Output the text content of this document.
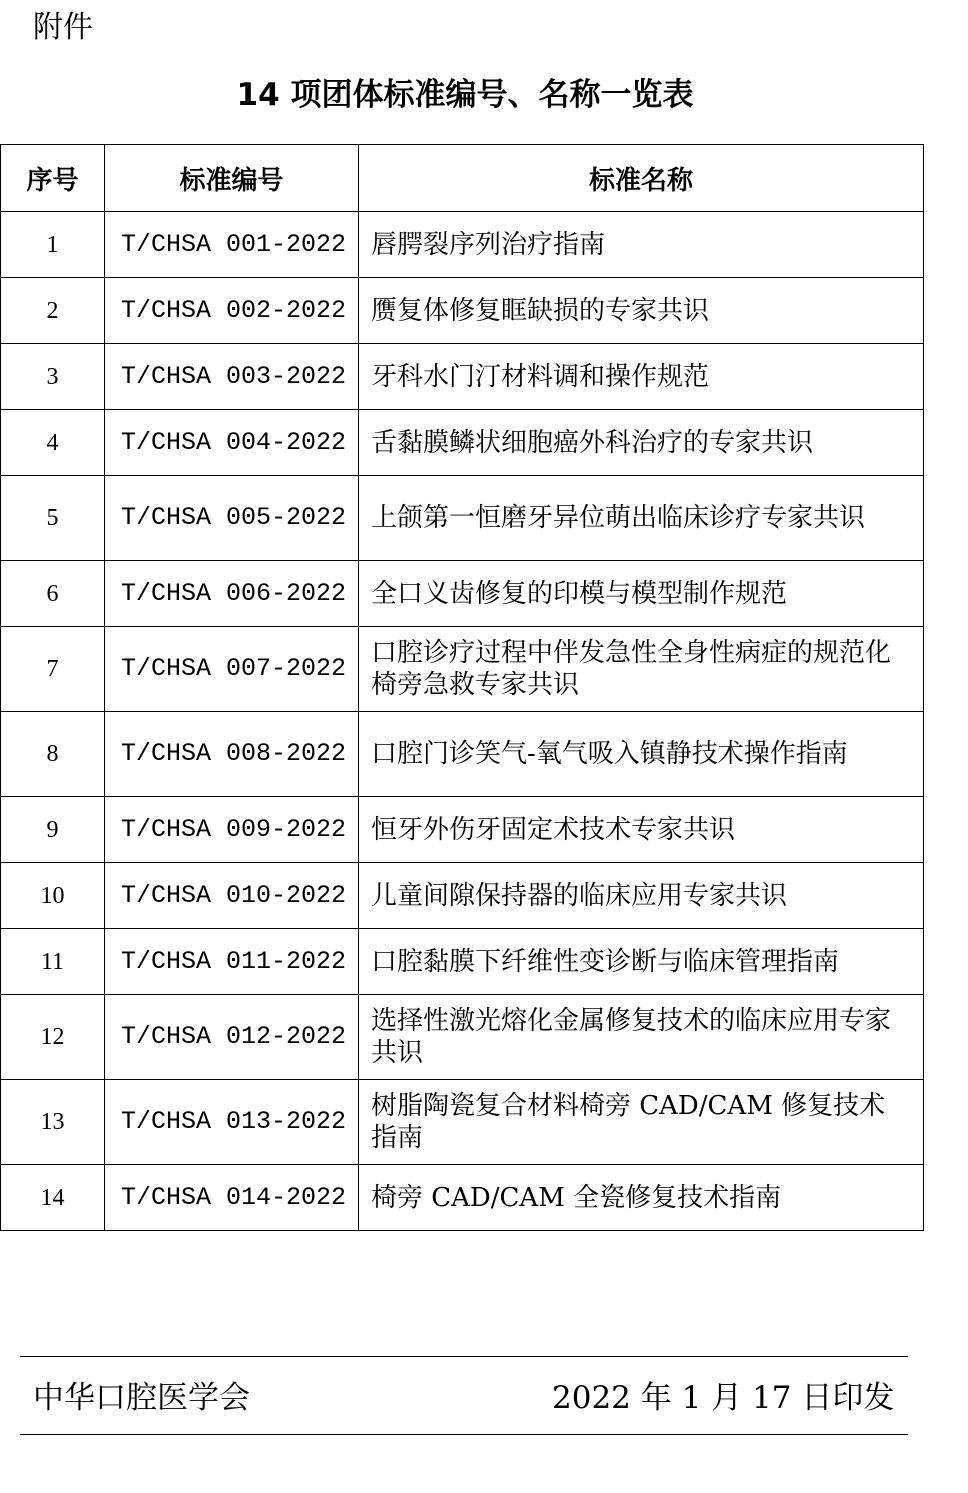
附件
14 项团体标准编号、名称一览表
序号	标准编号	标准名称
1	T/CHSA 001-2022	唇腭裂序列治疗指南
2	T/CHSA 002-2022	赝复体修复眶缺损的专家共识
3	T/CHSA 003-2022	牙科水门汀材料调和操作规范
4	T/CHSA 004-2022	舌黏膜鳞状细胞癌外科治疗的专家共识
5	T/CHSA 005-2022	上颌第一恒磨牙异位萌出临床诊疗专家共识
6	T/CHSA 006-2022	全口义齿修复的印模与模型制作规范
7	T/CHSA 007-2022	口腔诊疗过程中伴发急性全身性病症的规范化椅旁急救专家共识
8	T/CHSA 008-2022	口腔门诊笑气-氧气吸入镇静技术操作指南
9	T/CHSA 009-2022	恒牙外伤牙固定术技术专家共识
10	T/CHSA 010-2022	儿童间隙保持器的临床应用专家共识
11	T/CHSA 011-2022	口腔黏膜下纤维性变诊断与临床管理指南
12	T/CHSA 012-2022	选择性激光熔化金属修复技术的临床应用专家共识
13	T/CHSA 013-2022	树脂陶瓷复合材料椅旁 CAD/CAM 修复技术指南
14	T/CHSA 014-2022	椅旁 CAD/CAM 全瓷修复技术指南
中华口腔医学会	2022 年 1 月 17 日印发
